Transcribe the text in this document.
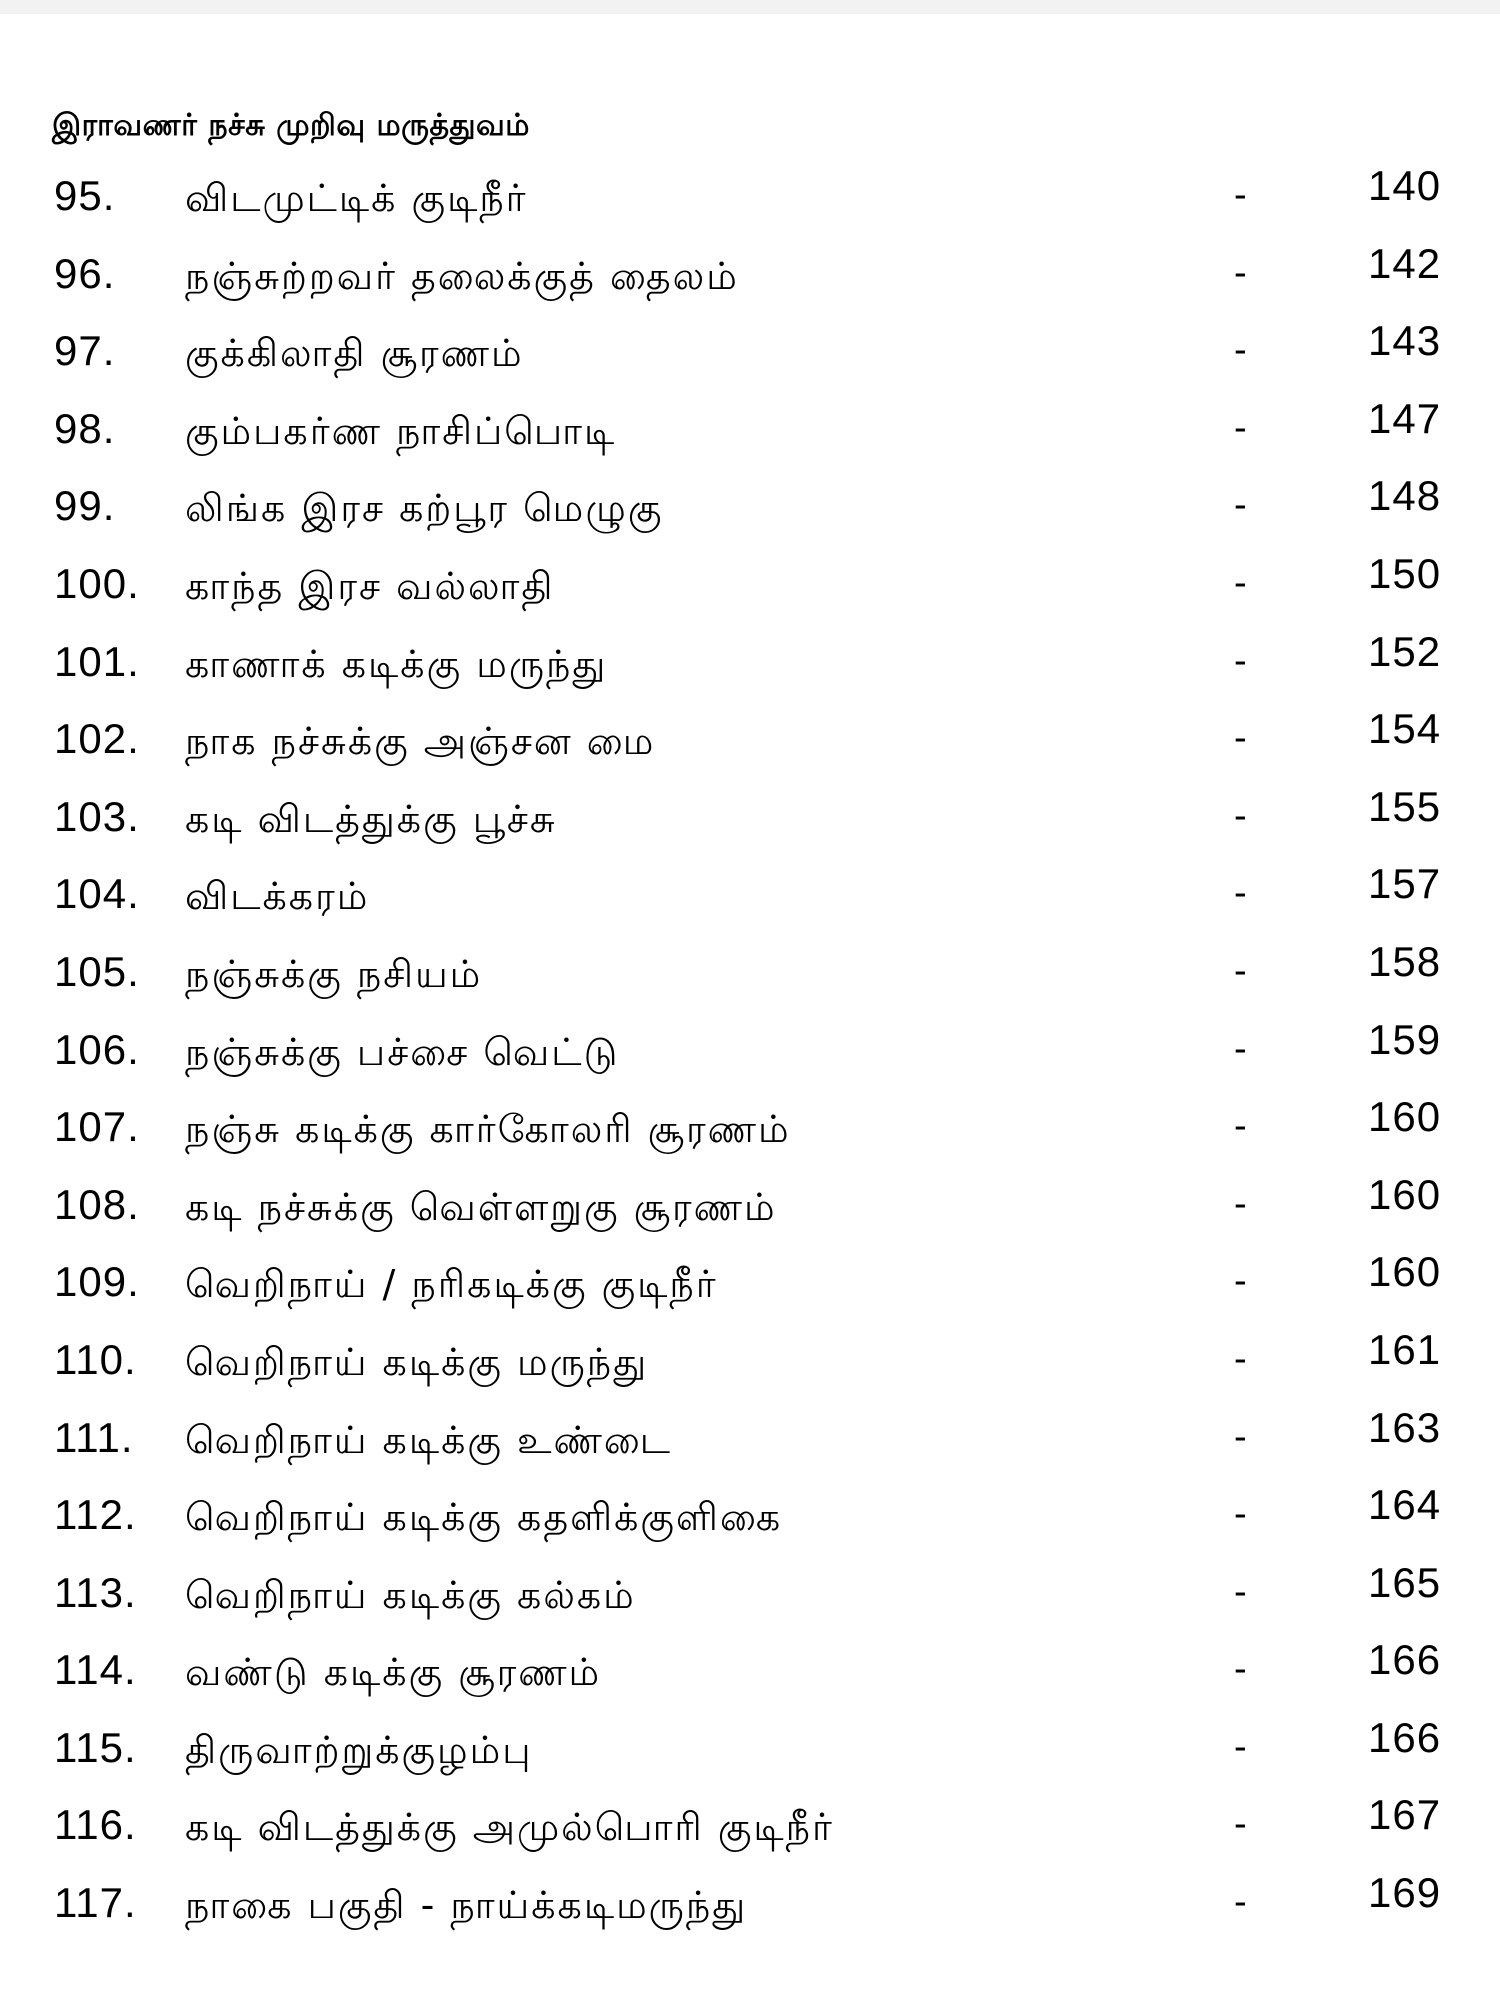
இராவணர் நச்சு முறிவு மருத்துவம்
95. விடமுட்டிக் குடிநீர்	-	140
96. நஞ்சுற்றவர் தலைக்குத் தைலம்	-	142
97. குக்கிலாதி சூரணம்	-	143
98. கும்பகர்ண நாசிப்பொடி	-	147
99. லிங்க இரச கற்பூர மெழுகு	-	148
100. காந்த இரச வல்லாதி	-	150
101. காணாக் கடிக்கு மருந்து	-	152
102. நாக நச்சுக்கு அஞ்சன மை	-	154
103. கடி விடத்துக்கு பூச்சு	-	155
104. விடக்கரம்	-	157
105. நஞ்சுக்கு நசியம்	-	158
106. நஞ்சுக்கு பச்சை வெட்டு	-	159
107. நஞ்சு கடிக்கு கார்கோலரி சூரணம்	-	160
108. கடி நச்சுக்கு வெள்ளறுகு சூரணம்	-	160
109. வெறிநாய் / நரிகடிக்கு குடிநீர்	-	160
110. வெறிநாய் கடிக்கு மருந்து	-	161
111. வெறிநாய் கடிக்கு உண்டை	-	163
112. வெறிநாய் கடிக்கு கதளிக்குளிகை	-	164
113. வெறிநாய் கடிக்கு கல்கம்	-	165
114. வண்டு கடிக்கு சூரணம்	-	166
115. திருவாற்றுக்குழம்பு	-	166
116. கடி விடத்துக்கு அமுல்பொரி குடிநீர்	-	167
117. நாகை பகுதி - நாய்க்கடிமருந்து	-	169
